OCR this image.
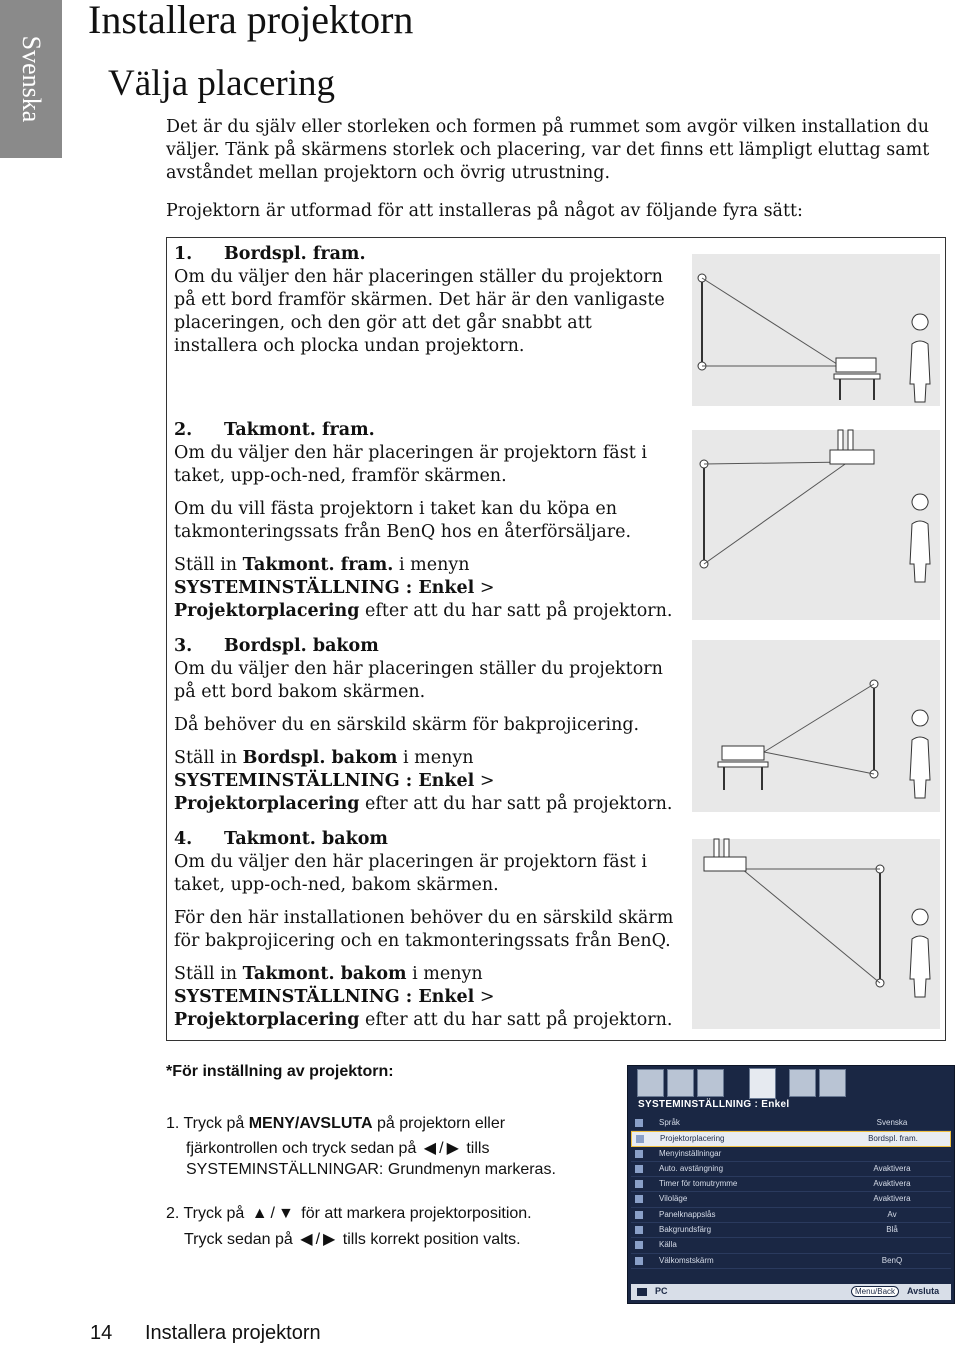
Svenska
Installera projektorn
Välja placering

Det är du själv eller storleken och formen på rummet som avgör vilken installation du väljer. Tänk på skärmens storlek och placering, var det finns ett lämpligt eluttag samt avståndet mellan projektorn och övrig utrustning.

Projektorn är utformad för att installeras på något av följande fyra sätt:

1. Bordspl. fram.

Om du väljer den här placeringen ställer du projektorn på ett bord framför skärmen. Det här är den vanligaste placeringen, och den gör att det går snabbt att installera och plocka undan projektorn.

2. Takmont. fram.

Om du väljer den här placeringen är projektorn fäst i taket, upp-och-ned, framför skärmen.

Om du vill fästa projektorn i taket kan du köpa en takmonteringssats från BenQ hos en återförsäljare.

Ställ in Takmont. fram. i menyn SYSTEMINSTÄLLNING : Enkel > Projektorplacering efter att du har satt på projektorn.

3. Bordspl. bakom

Om du väljer den här placeringen ställer du projektorn på ett bord bakom skärmen.

Då behöver du en särskild skärm för bakprojicering.

Ställ in Bordspl. bakom i menyn SYSTEMINSTÄLLNING : Enkel > Projektorplacering efter att du har satt på projektorn.

4. Takmont. bakom

Om du väljer den här placeringen är projektorn fäst i taket, upp-och-ned, bakom skärmen.

För den här installationen behöver du en särskild skärm för bakprojicering och en takmonteringssats från BenQ.

Ställ in Takmont. bakom i menyn SYSTEMINSTÄLLNING : Enkel > Projektorplacering efter att du har satt på projektorn.

*För inställning av projektorn:
1. Tryck på MENY/AVSLUTA på projektorn eller
fjärkontrollen och tryck sedan på ◀ / ▶ tills
SYSTEMINSTÄLLNINGAR: Grundmenyn markeras.
2. Tryck på ▲ / ▼ för att markera projektorposition.
Tryck sedan på ◀ / ▶ tills korrekt position valts.
SYSTEMINSTÄLLNING : Enkel
Språk	Svenska
Projektorplacering	Bordspl. fram.
Menyinställningar
Auto. avstängning	Avaktivera
Timer för tomutrymme	Avaktivera
Viloläge	Avaktivera
Panelknappslås	Av
Bakgrundsfärg	Blå
Källa
Välkomstskärm	BenQ
PC	Menu/Back	Avsluta
14 Installera projektorn
